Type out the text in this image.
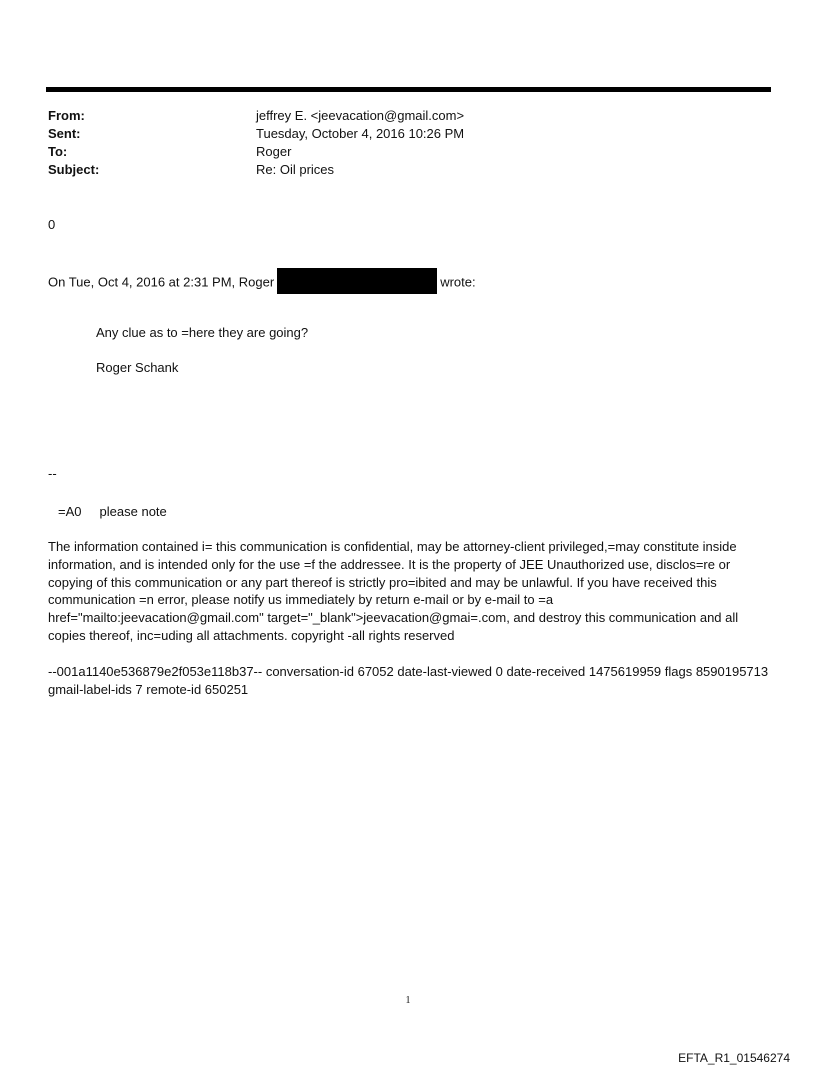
From:	jeffrey E. <jeevacation@gmail.com>
Sent:	Tuesday, October 4, 2016 10:26 PM
To:	Roger
Subject:	Re: Oil prices
0
On Tue, Oct 4, 2016 at 2:31 PM, Roger	wrote:
Any clue as to =here they are going?
Roger Schank
--
=A0     please note
The information contained i= this communication is confidential, may be attorney-client privileged,=may constitute inside information, and is intended only for the use =f the addressee. It is the property of JEE Unauthorized use, disclos=re or copying of this communication or any part thereof is strictly pro=ibited and may be unlawful. If you have received this communication =n error, please notify us immediately by return e-mail or by e-mail to =a href="mailto:jeevacation@gmail.com" target="_blank">jeevacation@gmai=.com, and destroy this communication and all copies thereof, inc=uding all attachments. copyright -all rights reserved
--001a1140e536879e2f053e118b37-- conversation-id 67052 date-last-viewed 0 date-received 1475619959 flags 8590195713 gmail-label-ids 7 remote-id 650251
1
EFTA_R1_01546274
